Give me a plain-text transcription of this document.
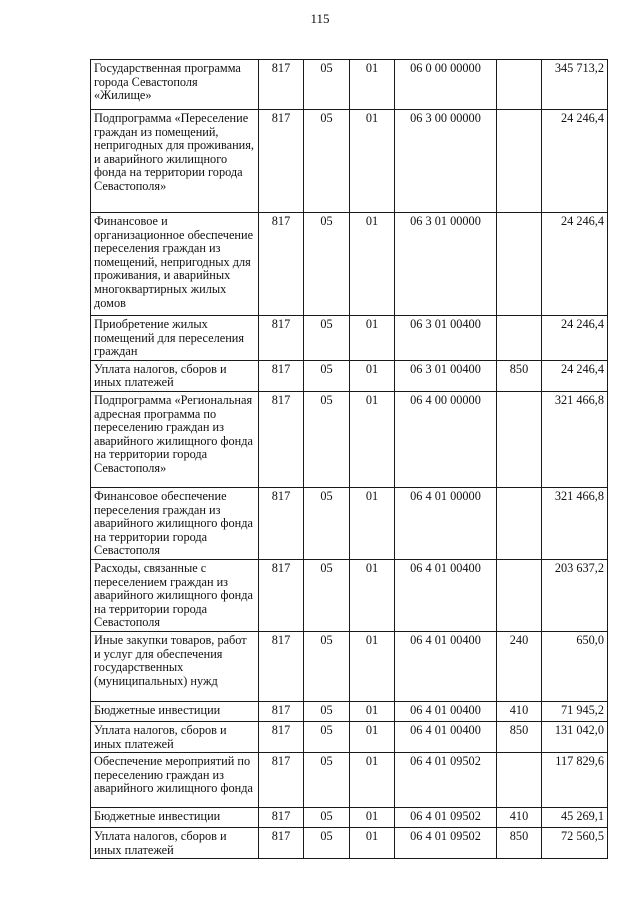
115
Государственная программа города Севастополя «Жилище»	817	05	01	06 0 00 00000		345 713,2
Подпрограмма «Переселение граждан из помещений, непригодных для проживания, и аварийного жилищного фонда на территории города Севастополя»	817	05	01	06 3 00 00000		24 246,4
Финансовое и организационное обеспечение переселения граждан из помещений, непригодных для проживания, и аварийных многоквартирных жилых домов	817	05	01	06 3 01 00000		24 246,4
Приобретение жилых помещений для переселения граждан	817	05	01	06 3 01 00400		24 246,4
Уплата налогов, сборов и иных платежей	817	05	01	06 3 01 00400	850	24 246,4
Подпрограмма «Региональная адресная программа по переселению граждан из аварийного жилищного фонда на территории города Севастополя»	817	05	01	06 4 00 00000		321 466,8
Финансовое обеспечение переселения граждан из аварийного жилищного фонда на территории города Севастополя	817	05	01	06 4 01 00000		321 466,8
Расходы, связанные с переселением граждан из аварийного жилищного фонда на территории города Севастополя	817	05	01	06 4 01 00400		203 637,2
Иные закупки товаров, работ и услуг для обеспечения государственных (муниципальных) нужд	817	05	01	06 4 01 00400	240	650,0
Бюджетные инвестиции	817	05	01	06 4 01 00400	410	71 945,2
Уплата налогов, сборов и иных платежей	817	05	01	06 4 01 00400	850	131 042,0
Обеспечение мероприятий по переселению граждан из аварийного жилищного фонда	817	05	01	06 4 01 09502		117 829,6
Бюджетные инвестиции	817	05	01	06 4 01 09502	410	45 269,1
Уплата налогов, сборов и иных платежей	817	05	01	06 4 01 09502	850	72 560,5
